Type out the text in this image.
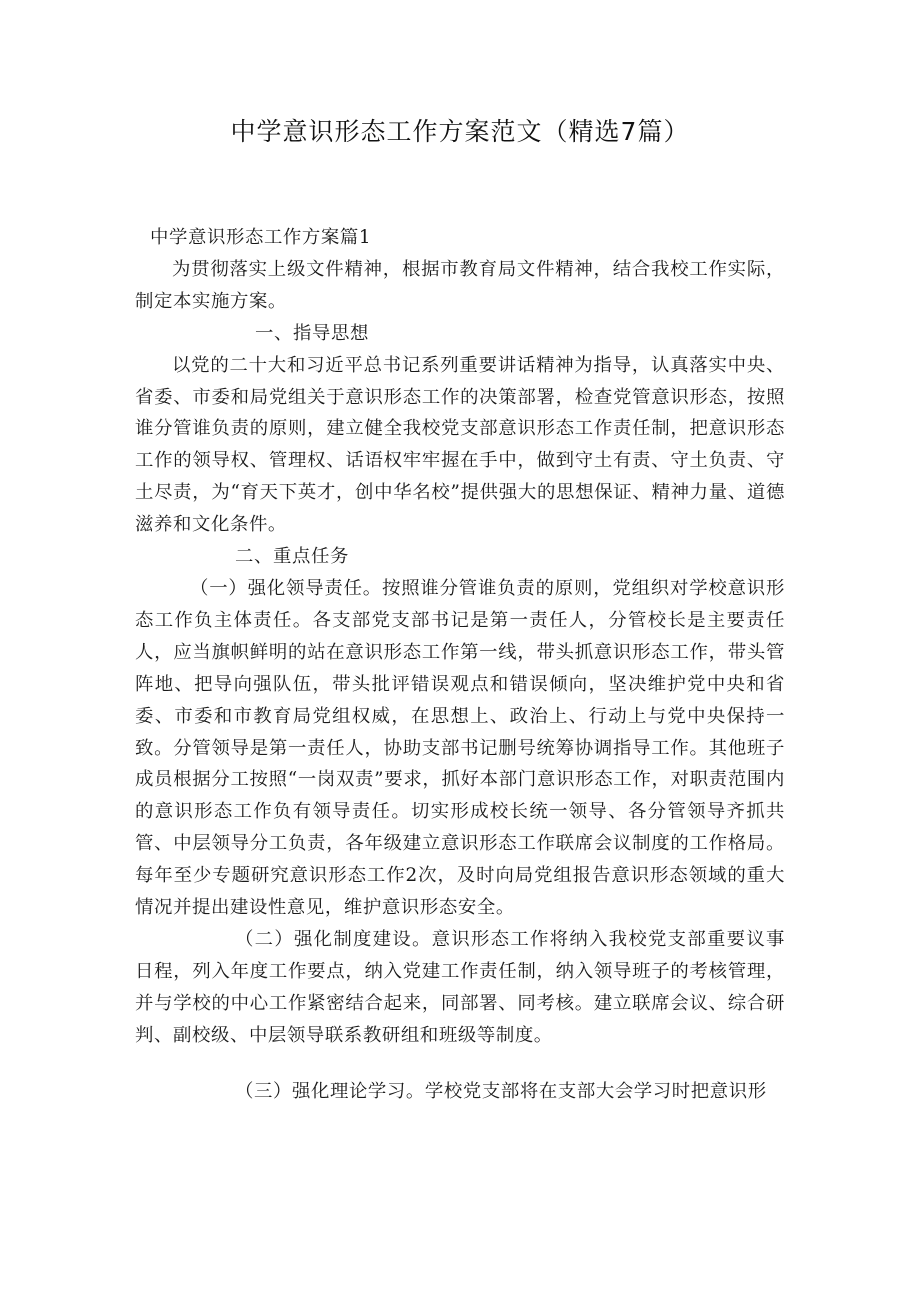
中学意识形态工作方案范文（精选7篇）

中学意识形态工作方案篇1

为贯彻落实上级文件精神，根据市教育局文件精神，结合我校工作实际，制定本实施方案。

一、指导思想

以党的二十大和习近平总书记系列重要讲话精神为指导，认真落实中央、省委、市委和局党组关于意识形态工作的决策部署，检查党管意识形态，按照谁分管谁负责的原则，建立健全我校党支部意识形态工作责任制，把意识形态工作的领导权、管理权、话语权牢牢握在手中，做到守土有责、守土负责、守土尽责，为“育天下英才，创中华名校”提供强大的思想保证、精神力量、道德滋养和文化条件。

二、重点任务

（一）强化领导责任。按照谁分管谁负责的原则，党组织对学校意识形态工作负主体责任。各支部党支部书记是第一责任人，分管校长是主要责任人，应当旗帜鲜明的站在意识形态工作第一线，带头抓意识形态工作，带头管阵地、把导向强队伍，带头批评错误观点和错误倾向，坚决维护党中央和省委、市委和市教育局党组权威，在思想上、政治上、行动上与党中央保持一致。分管领导是第一责任人，协助支部书记删号统筹协调指导工作。其他班子成员根据分工按照“一岗双责”要求，抓好本部门意识形态工作，对职责范围内的意识形态工作负有领导责任。切实形成校长统一领导、各分管领导齐抓共管、中层领导分工负责，各年级建立意识形态工作联席会议制度的工作格局。每年至少专题研究意识形态工作2次，及时向局党组报告意识形态领域的重大情况并提出建设性意见，维护意识形态安全。

（二）强化制度建设。意识形态工作将纳入我校党支部重要议事日程，列入年度工作要点，纳入党建工作责任制，纳入领导班子的考核管理，并与学校的中心工作紧密结合起来，同部署、同考核。建立联席会议、综合研判、副校级、中层领导联系教研组和班级等制度。

（三）强化理论学习。学校党支部将在支部大会学习时把意识形
